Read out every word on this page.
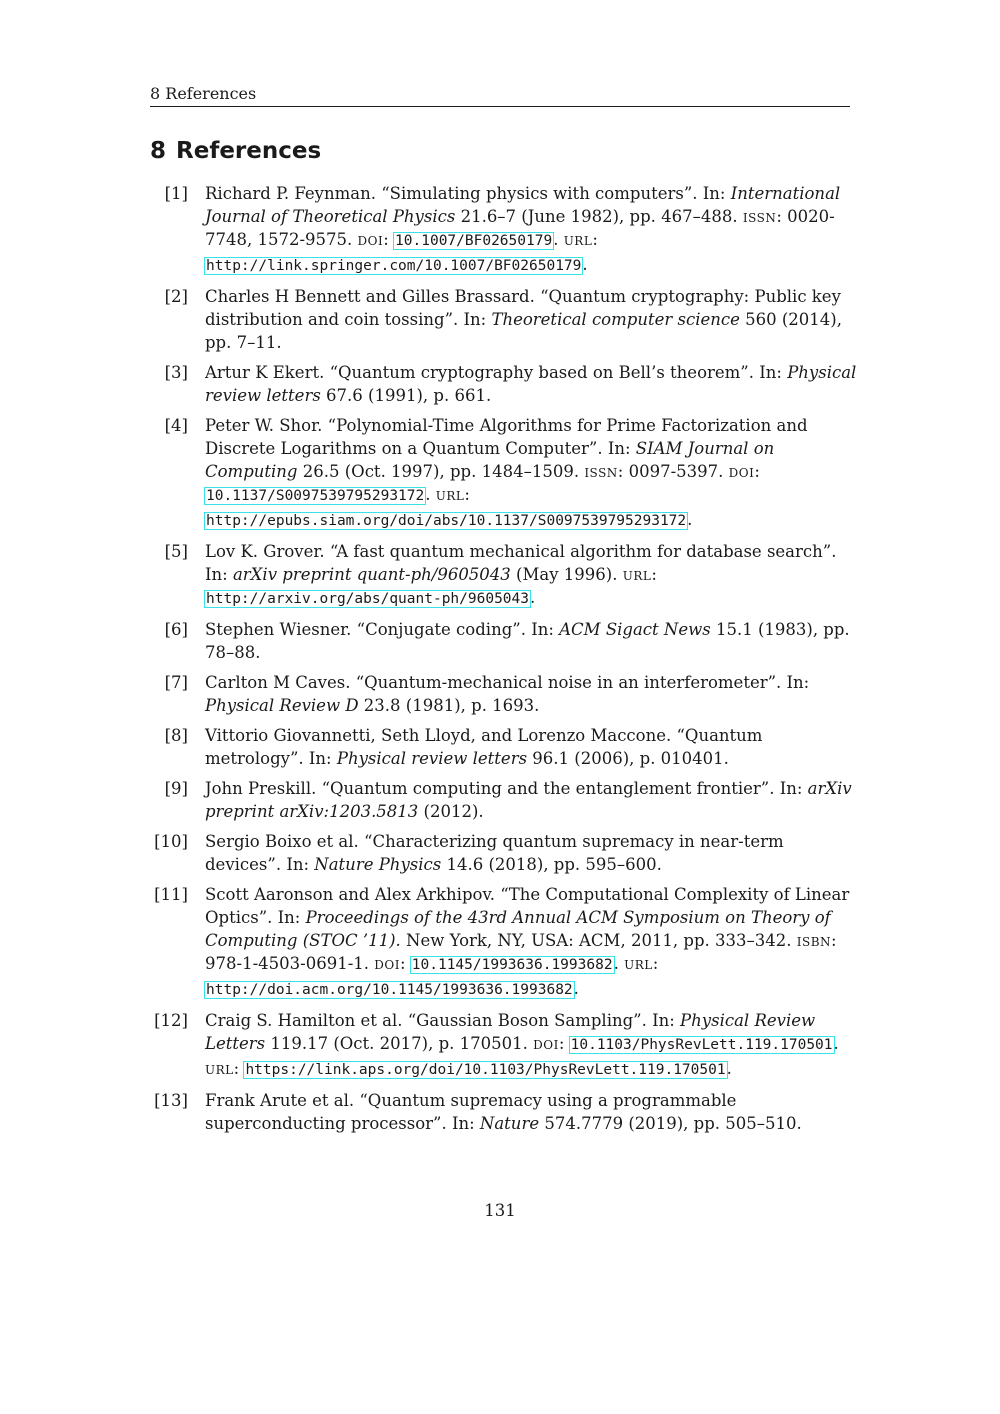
8 References
8 References
[1] Richard P. Feynman. “Simulating physics with computers”. In: International Journal of Theoretical Physics 21.6–7 (June 1982), pp. 467–488. issn: 0020-7748, 1572-9575. doi: 10.1007/BF02650179. url: http://link.springer.com/10.1007/BF02650179.
[2] Charles H Bennett and Gilles Brassard. “Quantum cryptography: Public key distribution and coin tossing”. In: Theoretical computer science 560 (2014), pp. 7–11.
[3] Artur K Ekert. “Quantum cryptography based on Bell’s theorem”. In: Physical review letters 67.6 (1991), p. 661.
[4] Peter W. Shor. “Polynomial-Time Algorithms for Prime Factorization and Discrete Logarithms on a Quantum Computer”. In: SIAM Journal on Computing 26.5 (Oct. 1997), pp. 1484–1509. issn: 0097-5397. doi: 10.1137/S0097539795293172. url: http://epubs.siam.org/doi/abs/10.1137/S0097539795293172.
[5] Lov K. Grover. “A fast quantum mechanical algorithm for database search”. In: arXiv preprint quant-ph/9605043 (May 1996). url: http://arxiv.org/abs/quant-ph/9605043.
[6] Stephen Wiesner. “Conjugate coding”. In: ACM Sigact News 15.1 (1983), pp. 78–88.
[7] Carlton M Caves. “Quantum-mechanical noise in an interferometer”. In: Physical Review D 23.8 (1981), p. 1693.
[8] Vittorio Giovannetti, Seth Lloyd, and Lorenzo Maccone. “Quantum metrology”. In: Physical review letters 96.1 (2006), p. 010401.
[9] John Preskill. “Quantum computing and the entanglement frontier”. In: arXiv preprint arXiv:1203.5813 (2012).
[10] Sergio Boixo et al. “Characterizing quantum supremacy in near-term devices”. In: Nature Physics 14.6 (2018), pp. 595–600.
[11] Scott Aaronson and Alex Arkhipov. “The Computational Complexity of Linear Optics”. In: Proceedings of the 43rd Annual ACM Symposium on Theory of Computing (STOC ’11). New York, NY, USA: ACM, 2011, pp. 333–342. isbn: 978-1-4503-0691-1. doi: 10.1145/1993636.1993682. url: http://doi.acm.org/10.1145/1993636.1993682.
[12] Craig S. Hamilton et al. “Gaussian Boson Sampling”. In: Physical Review Letters 119.17 (Oct. 2017), p. 170501. doi: 10.1103/PhysRevLett.119.170501. url: https://link.aps.org/doi/10.1103/PhysRevLett.119.170501.
[13] Frank Arute et al. “Quantum supremacy using a programmable superconducting processor”. In: Nature 574.7779 (2019), pp. 505–510.
131
